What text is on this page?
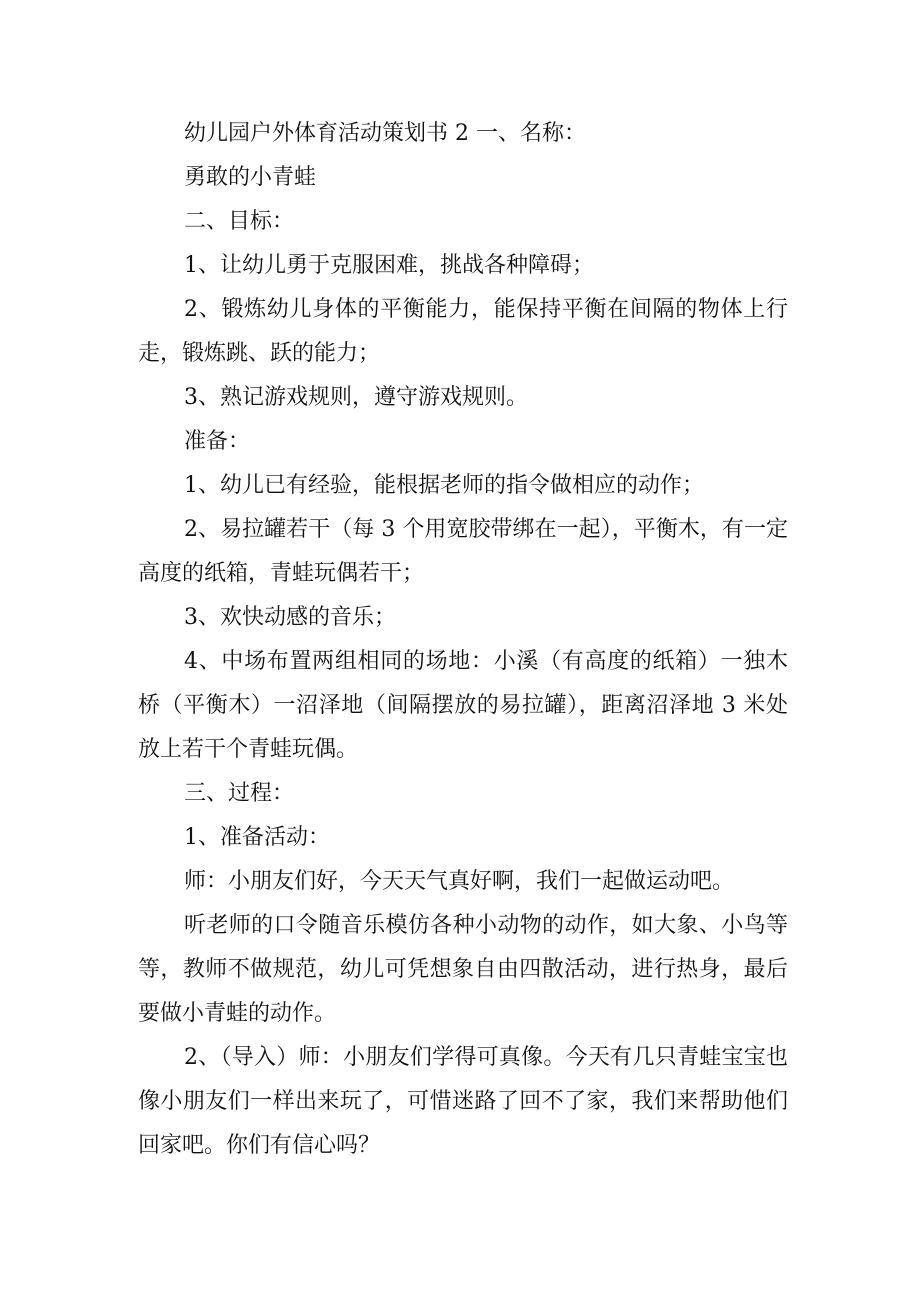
幼儿园户外体育活动策划书 2 一、名称：

勇敢的小青蛙

二、目标：

1、让幼儿勇于克服困难，挑战各种障碍；

2、锻炼幼儿身体的平衡能力，能保持平衡在间隔的物体上行走，锻炼跳、跃的能力；

3、熟记游戏规则，遵守游戏规则。

准备：

1、幼儿已有经验，能根据老师的指令做相应的动作；

2、易拉罐若干（每 3 个用宽胶带绑在一起），平衡木，有一定高度的纸箱，青蛙玩偶若干；

3、欢快动感的音乐；

4、中场布置两组相同的场地：小溪（有高度的纸箱）一独木桥（平衡木）一沼泽地（间隔摆放的易拉罐），距离沼泽地 3 米处放上若干个青蛙玩偶。

三、过程：

1、准备活动：

师：小朋友们好，今天天气真好啊，我们一起做运动吧。

听老师的口令随音乐模仿各种小动物的动作，如大象、小鸟等等，教师不做规范，幼儿可凭想象自由四散活动，进行热身，最后要做小青蛙的动作。

2、（导入）师：小朋友们学得可真像。今天有几只青蛙宝宝也像小朋友们一样出来玩了，可惜迷路了回不了家，我们来帮助他们回家吧。你们有信心吗？
